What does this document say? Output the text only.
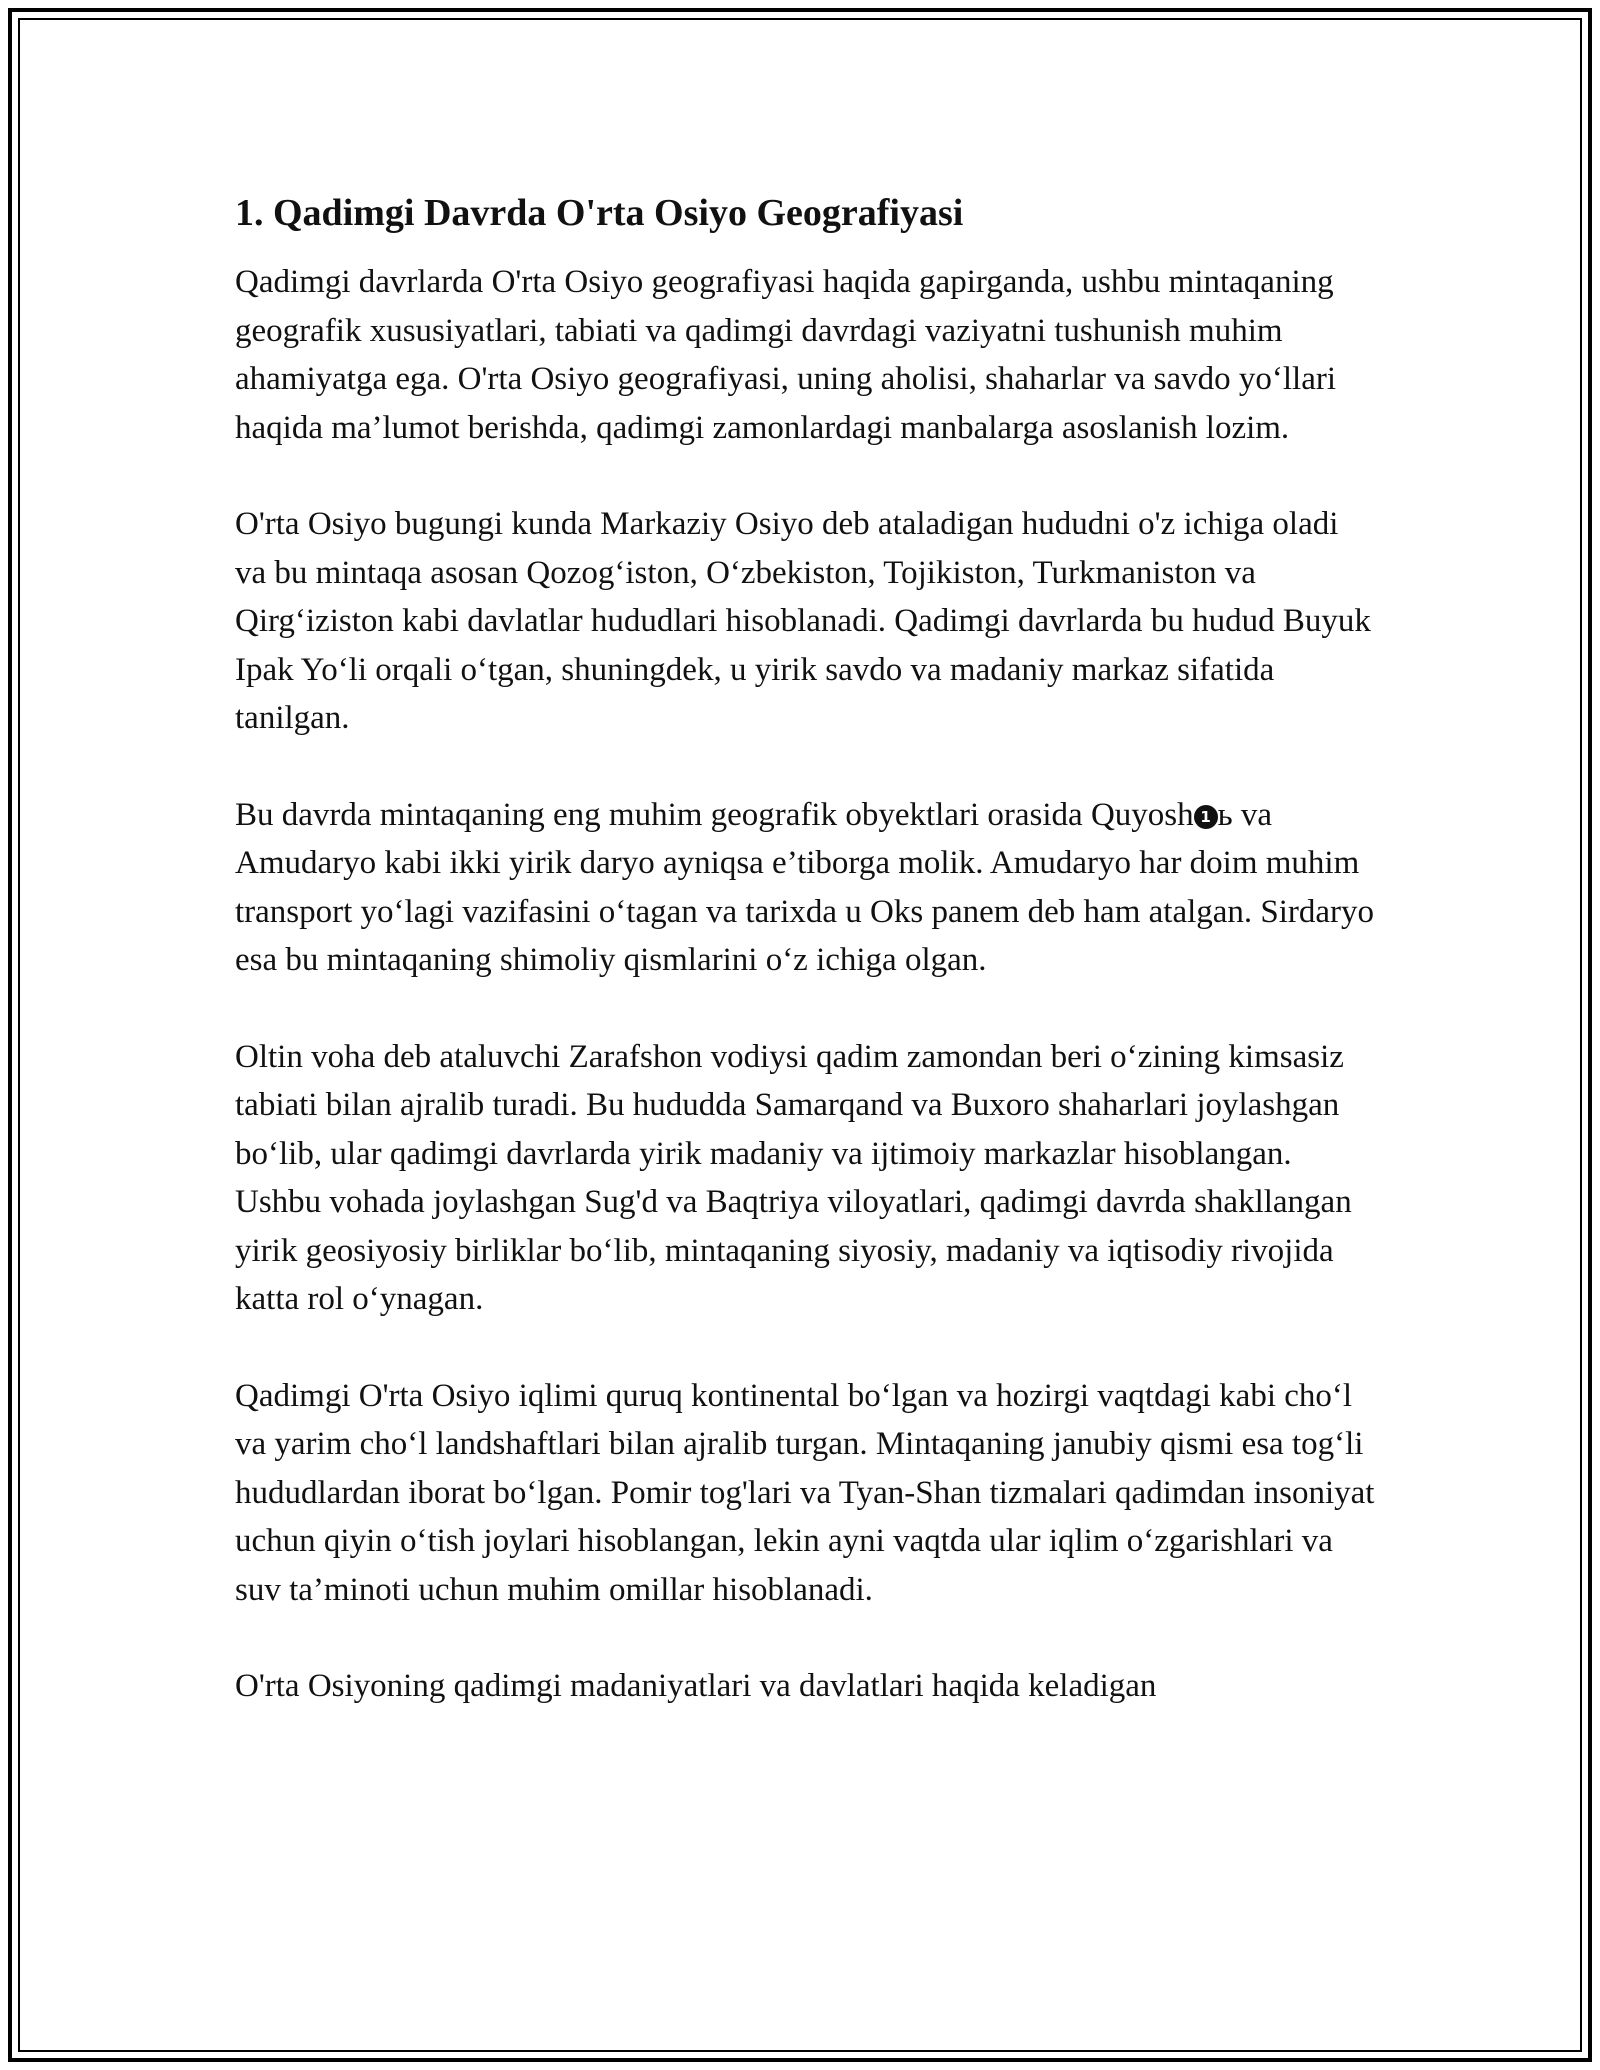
1. Qadimgi Davrda O'rta Osiyo Geografiyasi

Qadimgi davrlarda O'rta Osiyo geografiyasi haqida gapirganda, ushbu mintaqaning geografik xususiyatlari, tabiati va qadimgi davrdagi vaziyatni tushunish muhim ahamiyatga ega. O'rta Osiyo geografiyasi, uning aholisi, shaharlar va savdo yo‘llari haqida ma’lumot berishda, qadimgi zamonlardagi manbalarga asoslanish lozim.

O'rta Osiyo bugungi kunda Markaziy Osiyo deb ataladigan hududni o'z ichiga oladi va bu mintaqa asosan Qozog‘iston, O‘zbekiston, Tojikiston, Turkmaniston va Qirg‘iziston kabi davlatlar hududlari hisoblanadi. Qadimgi davrlarda bu hudud Buyuk Ipak Yo‘li orqali o‘tgan, shuningdek, u yirik savdo va madaniy markaz sifatida tanilgan.

Bu davrda mintaqaning eng muhim geografik obyektlari orasida Quyosh 1 ь va Amudaryo kabi ikki yirik daryo ayniqsa e’tiborga molik. Amudaryo har doim muhim transport yo‘lagi vazifasini o‘tagan va tarixda u Oks panem deb ham atalgan. Sirdaryo esa bu mintaqaning shimoliy qismlarini o‘z ichiga olgan.

Oltin voha deb ataluvchi Zarafshon vodiysi qadim zamondan beri o‘zining kimsasiz tabiati bilan ajralib turadi. Bu hududda Samarqand va Buxoro shaharlari joylashgan bo‘lib, ular qadimgi davrlarda yirik madaniy va ijtimoiy markazlar hisoblangan. Ushbu vohada joylashgan Sug'd va Baqtriya viloyatlari, qadimgi davrda shakllangan yirik geosiyosiy birliklar bo‘lib, mintaqaning siyosiy, madaniy va iqtisodiy rivojida katta rol o‘ynagan.

Qadimgi O'rta Osiyo iqlimi quruq kontinental bo‘lgan va hozirgi vaqtdagi kabi cho‘l va yarim cho‘l landshaftlari bilan ajralib turgan. Mintaqaning janubiy qismi esa tog‘li hududlardan iborat bo‘lgan. Pomir tog'lari va Tyan-Shan tizmalari qadimdan insoniyat uchun qiyin o‘tish joylari hisoblangan, lekin ayni vaqtda ular iqlim o‘zgarishlari va suv ta’minoti uchun muhim omillar hisoblanadi.

O'rta Osiyoning qadimgi madaniyatlari va davlatlari haqida keladigan
